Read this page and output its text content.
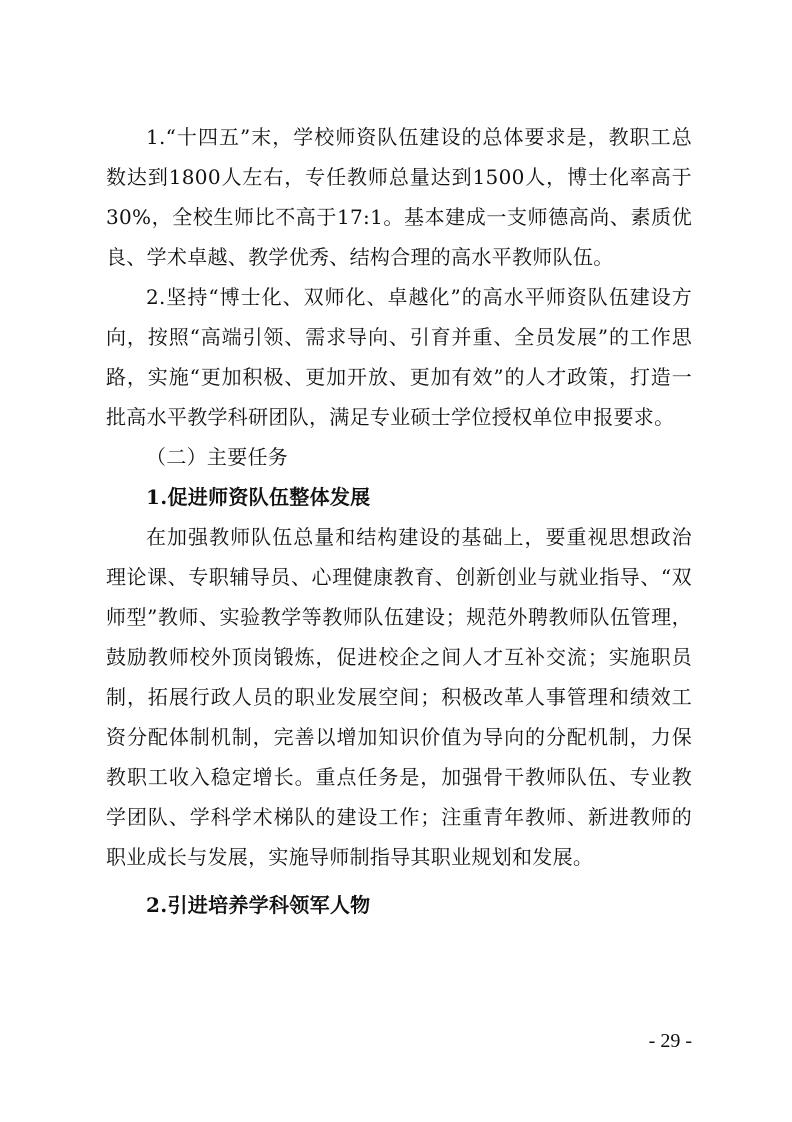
1.“十四五”末，学校师资队伍建设的总体要求是，教职工总数达到1800人左右，专任教师总量达到1500人，博士化率高于30%，全校生师比不高于17:1。基本建成一支师德高尚、素质优良、学术卓越、教学优秀、结构合理的高水平教师队伍。

2.坚持“博士化、双师化、卓越化”的高水平师资队伍建设方向，按照“高端引领、需求导向、引育并重、全员发展”的工作思路，实施“更加积极、更加开放、更加有效”的人才政策，打造一批高水平教学科研团队，满足专业硕士学位授权单位申报要求。

（二）主要任务

1.促进师资队伍整体发展

在加强教师队伍总量和结构建设的基础上，要重视思想政治理论课、专职辅导员、心理健康教育、创新创业与就业指导、“双师型”教师、实验教学等教师队伍建设；规范外聘教师队伍管理，鼓励教师校外顶岗锻炼，促进校企之间人才互补交流；实施职员制，拓展行政人员的职业发展空间；积极改革人事管理和绩效工资分配体制机制，完善以增加知识价值为导向的分配机制，力保教职工收入稳定增长。重点任务是，加强骨干教师队伍、专业教学团队、学科学术梯队的建设工作；注重青年教师、新进教师的职业成长与发展，实施导师制指导其职业规划和发展。

2.引进培养学科领军人物

- 29 -
